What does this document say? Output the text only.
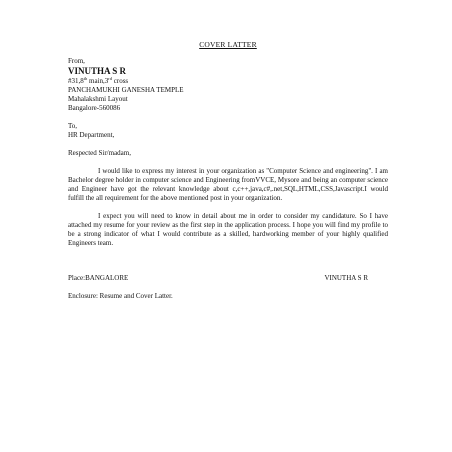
COVER LATTER
From,
VINUTHA S R
#31,8th main,3rd cross
PANCHAMUKHI GANESHA TEMPLE
Mahalakshmi Layout
Bangalore-560086
To,
HR Department,
Respected Sir/madam,

I would like to express my interest in your organization as "Computer Science and engineering". I am Bachelor degree holder in computer science and Engineering fromVVCE, Mysore and being an computer science and Engineer have got the relevant knowledge about c,c++,java,c#,.net,SQL,HTML,CSS,Javascript.I would fulfill the all requirement for the above mentioned post in your organization.

I expect you will need to know in detail about me in order to consider my candidature. So I have attached my resume for your review as the first step in the application process. I hope you will find my profile to be a strong indicator of what I would contribute as a skilled, hardworking member of your highly qualified Engineers team.

Place:BANGALORE	VINUTHA S R
Enclosure: Resume and Cover Latter.
